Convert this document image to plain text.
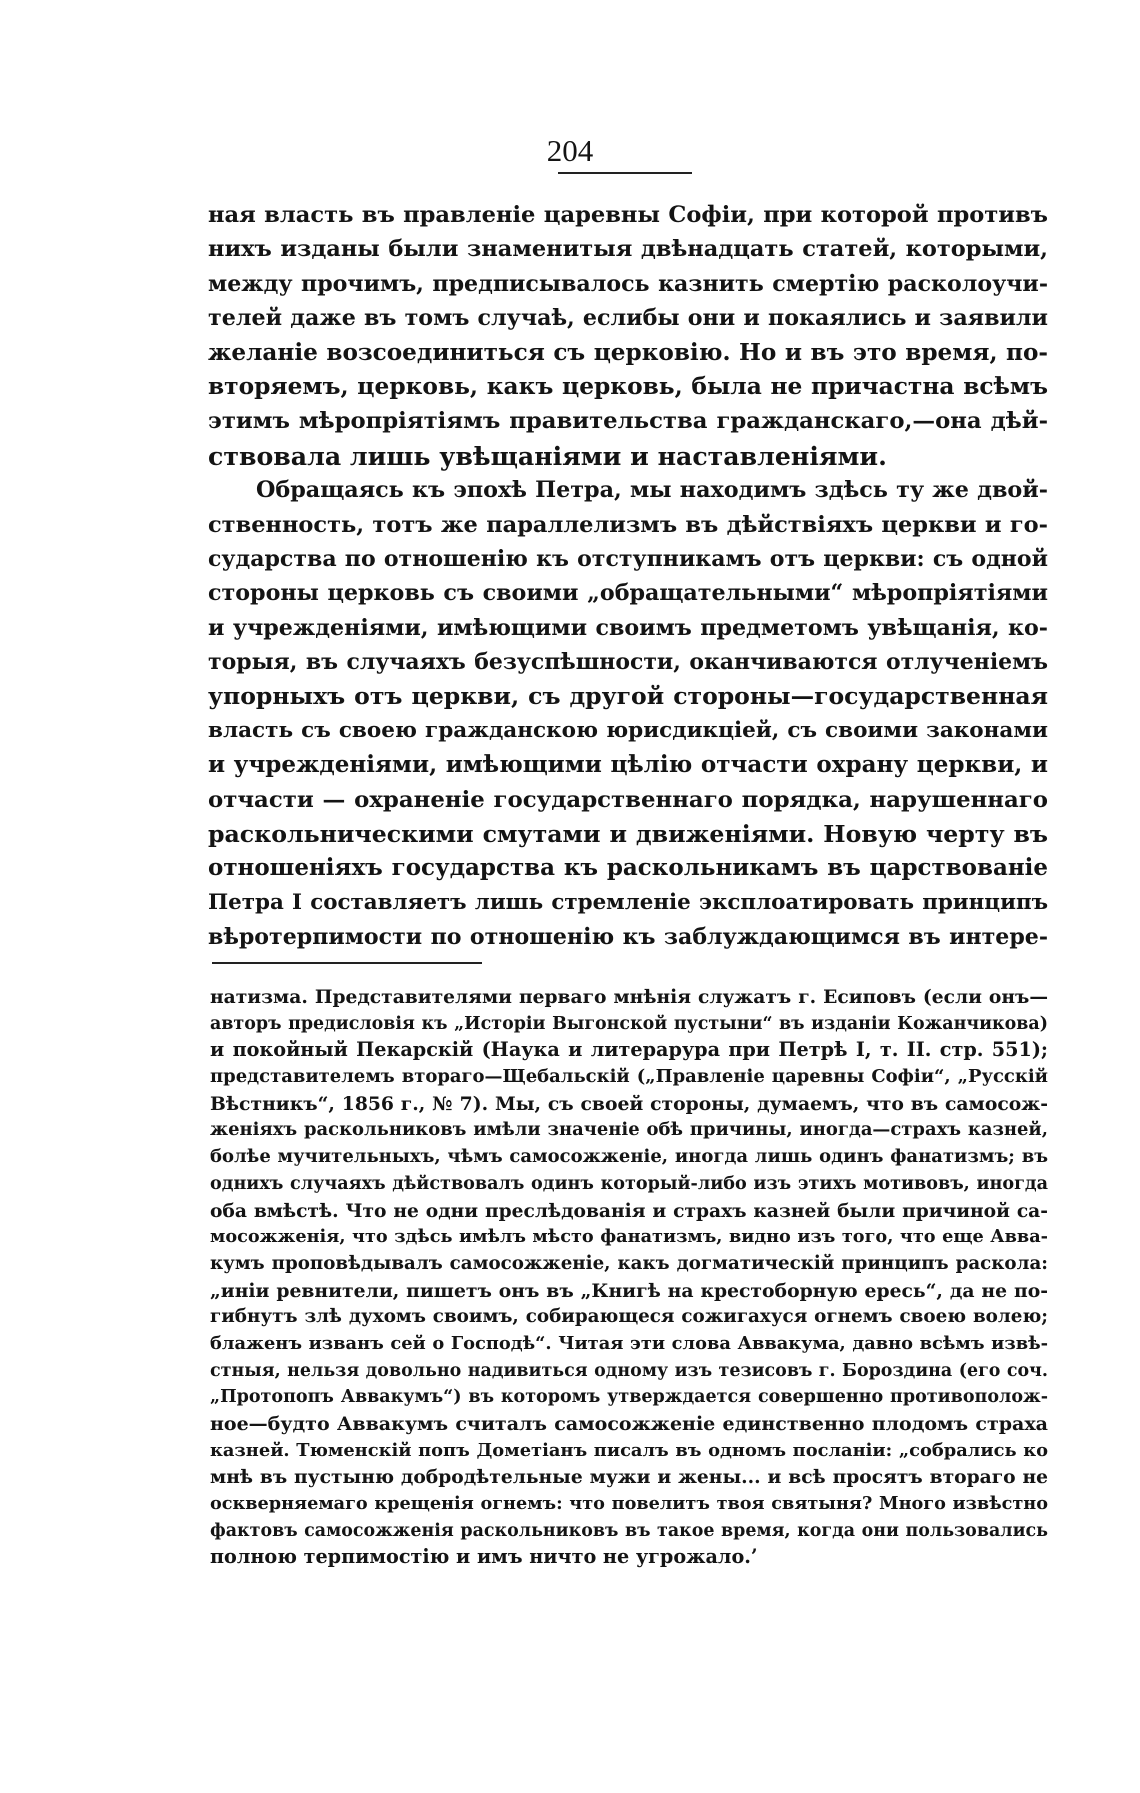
204
ная власть въ правленіе царевны Софіи, при которой противъ
нихъ изданы были знаменитыя двѣнадцать статей, которыми,
между прочимъ, предписывалось казнить смертію расколоучи-
телей даже въ томъ случаѣ, еслибы они и покаялись и заявили
желаніе возсоединиться съ церковію. Но и въ это время, по-
вторяемъ, церковь, какъ церковь, была не причастна всѣмъ
этимъ мѣропріятіямъ правительства гражданскаго,—она дѣй-
ствовала лишь увѣщаніями и наставленіями.
Обращаясь къ эпохѣ Петра, мы находимъ здѣсь ту же двой-
ственность, тотъ же параллелизмъ въ дѣйствіяхъ церкви и го-
сударства по отношенію къ отступникамъ отъ церкви: съ одной
стороны церковь съ своими „обращательными“ мѣропріятіями
и учрежденіями, имѣющими своимъ предметомъ увѣщанія, ко-
торыя, въ случаяхъ безуспѣшности, оканчиваются отлученіемъ
упорныхъ отъ церкви, съ другой стороны—государственная
власть съ своею гражданскою юрисдикціей, съ своими законами
и учрежденіями, имѣющими цѣлію отчасти охрану церкви, и
отчасти — охраненіе государственнаго порядка, нарушеннаго
раскольническими смутами и движеніями. Новую черту въ
отношеніяхъ государства къ раскольникамъ въ царствованіе
Петра I составляетъ лишь стремленіе эксплоатировать принципъ
вѣротерпимости по отношенію къ заблуждающимся въ интере-
натизма. Представителями перваго мнѣнія служатъ г. Есиповъ (если онъ—
авторъ предисловія къ „Исторіи Выгонской пустыни“ въ изданіи Кожанчикова)
и покойный Пекарскій (Наука и литерарура при Петрѣ I, т. II. стр. 551);
представителемъ втораго—Щебальскій („Правленіе царевны Софіи“, „Русскій
Вѣстникъ“, 1856 г., № 7). Мы, съ своей стороны, думаемъ, что въ самосож-
женіяхъ раскольниковъ имѣли значеніе обѣ причины, иногда—страхъ казней,
болѣе мучительныхъ, чѣмъ самосожженіе, иногда лишь одинъ фанатизмъ; въ
однихъ случаяхъ дѣйствовалъ одинъ который-либо изъ этихъ мотивовъ, иногда
оба вмѣстѣ. Что не одни преслѣдованія и страхъ казней были причиной са-
мосожженія, что здѣсь имѣлъ мѣсто фанатизмъ, видно изъ того, что еще Авва-
кумъ проповѣдывалъ самосожженіе, какъ догматическій принципъ раскола:
„иніи ревнители, пишетъ онъ въ „Книгѣ на крестоборную ересь“, да не по-
гибнутъ злѣ духомъ своимъ, собирающеся сожигахуся огнемъ своею волею;
блаженъ изванъ сей о Господѣ“. Читая эти слова Аввакума, давно всѣмъ извѣ-
стныя, нельзя довольно надивиться одному изъ тезисовъ г. Бороздина (его соч.
„Протопопъ Аввакумъ“) въ которомъ утверждается совершенно противополож-
ное—будто Аввакумъ считалъ самосожженіе единственно плодомъ страха
казней. Тюменскій попъ Дометіанъ писалъ въ одномъ посланіи: „собрались ко
мнѣ въ пустыню добродѣтельные мужи и жены... и всѣ просятъ втораго не
оскверняемаго крещенія огнемъ: что повелитъ твоя святыня? Много извѣстно
фактовъ самосожженія раскольниковъ въ такое время, когда они пользовались
полною терпимостію и имъ ничто не угрожало.’
